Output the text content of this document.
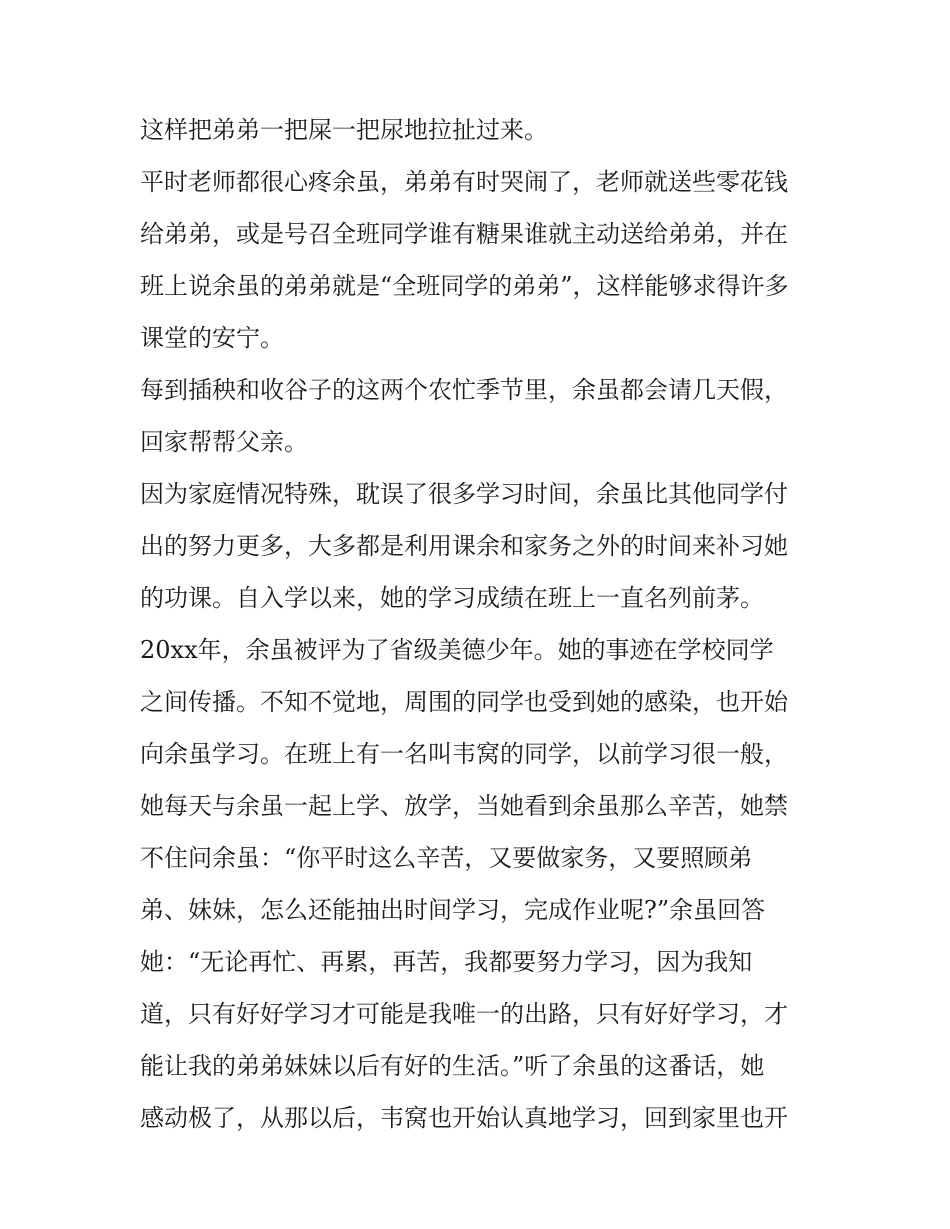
这样把弟弟一把屎一把尿地拉扯过来。
平时老师都很心疼余虽，弟弟有时哭闹了，老师就送些零花钱
给弟弟，或是号召全班同学谁有糖果谁就主动送给弟弟，并在
班上说余虽的弟弟就是“全班同学的弟弟”，这样能够求得许多
课堂的安宁。
每到插秧和收谷子的这两个农忙季节里，余虽都会请几天假，
回家帮帮父亲。
因为家庭情况特殊，耽误了很多学习时间，余虽比其他同学付
出的努力更多，大多都是利用课余和家务之外的时间来补习她
的功课。自入学以来，她的学习成绩在班上一直名列前茅。
20xx年，余虽被评为了省级美德少年。她的事迹在学校同学
之间传播。不知不觉地，周围的同学也受到她的感染，也开始
向余虽学习。在班上有一名叫韦窝的同学，以前学习很一般，
她每天与余虽一起上学、放学，当她看到余虽那么辛苦，她禁
不住问余虽：“你平时这么辛苦，又要做家务，又要照顾弟
弟、妹妹，怎么还能抽出时间学习，完成作业呢?”余虽回答
她：“无论再忙、再累，再苦，我都要努力学习，因为我知
道，只有好好学习才可能是我唯一的出路，只有好好学习，才
能让我的弟弟妹妹以后有好的生活。”听了余虽的这番话，她
感动极了，从那以后，韦窝也开始认真地学习，回到家里也开
